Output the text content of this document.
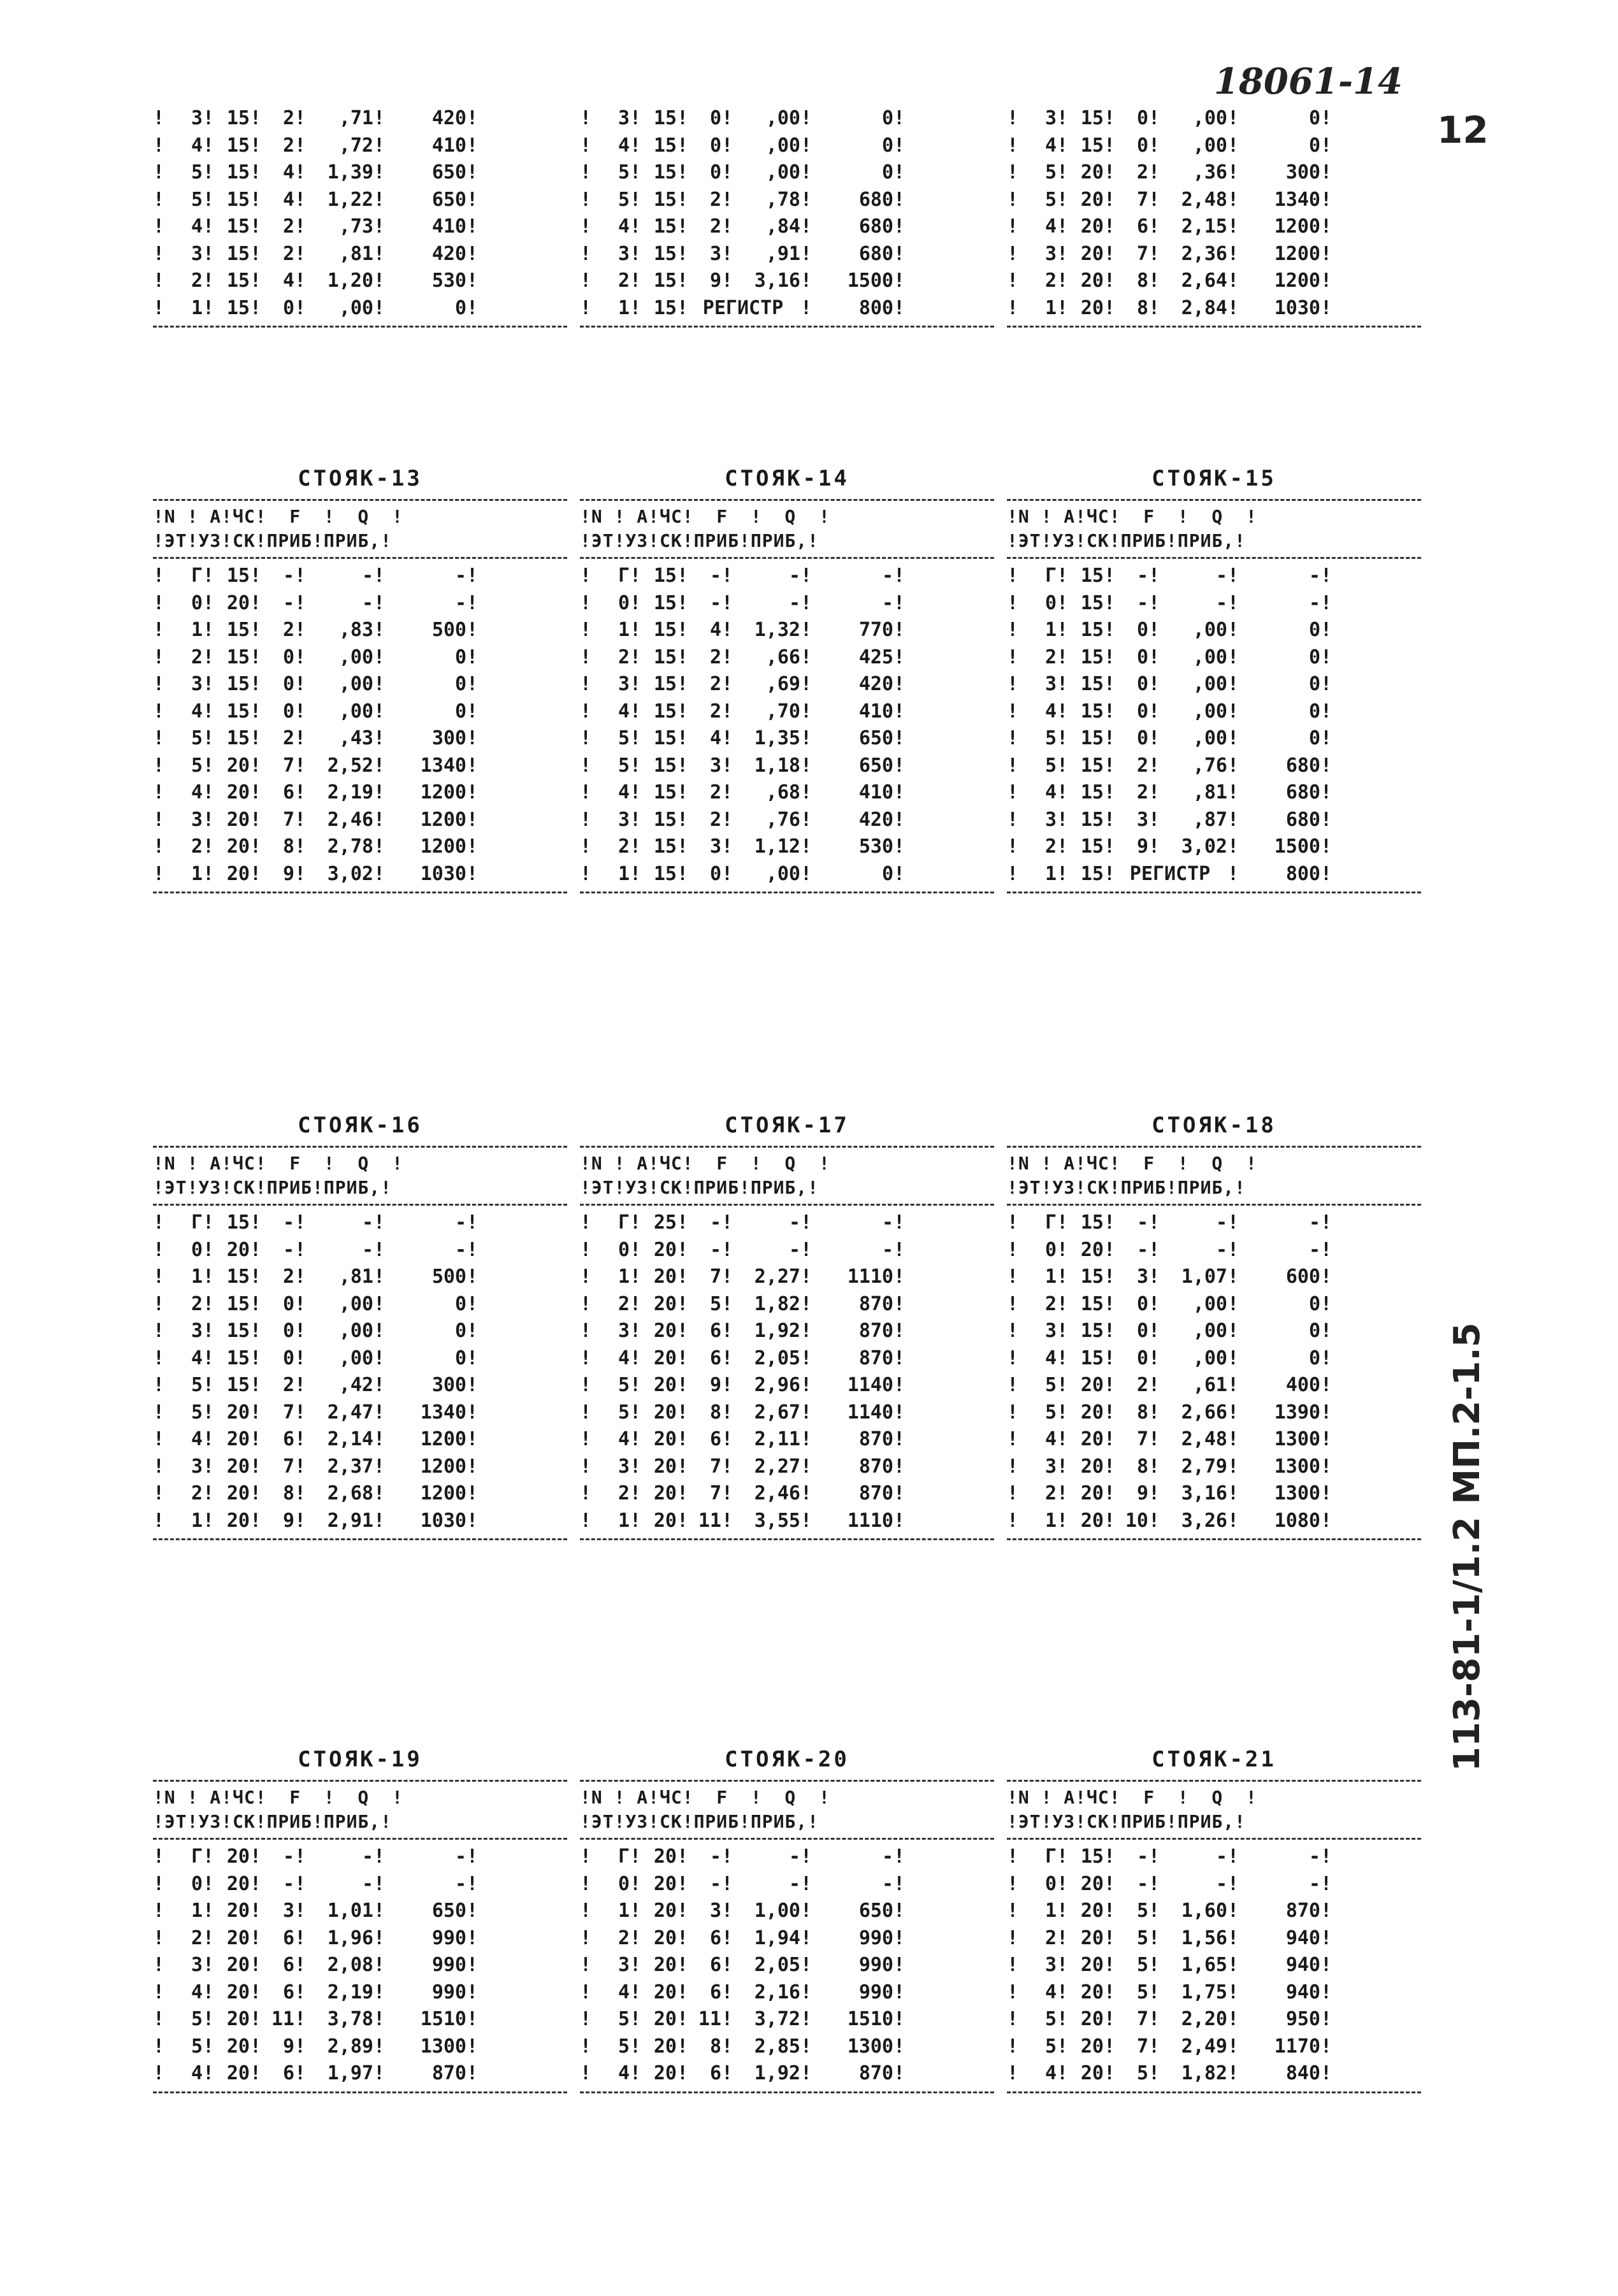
18061-14
12
113-81-1/1.2 МП.2-1.5
!	3 ! 15 !	2 !	,71 !	420 !
!	4 ! 15 !	2 !	,72 !	410 !
!	5 ! 15 !	4 !	1,39 !	650 !
!	5 ! 15 !	4 !	1,22 !	650 !
!	4 ! 15 !	2 !	,73 !	410 !
!	3 ! 15 !	2 !	,81 !	420 !
!	2 ! 15 !	4 !	1,20 !	530 !
!	1 ! 15 !	0 !	,00 !	0 !
!	3 ! 15 !	0 !	,00 !	0 !
!	4 ! 15 !	0 !	,00 !	0 !
!	5 ! 15 !	0 !	,00 !	0 !
!	5 ! 15 !	2 !	,78 !	680 !
!	4 ! 15 !	2 !	,84 !	680 !
!	3 ! 15 !	3 !	,91 !	680 !
!	2 ! 15 !	9 !	3,16 !	1500 !
!	1 ! 15 ! РЕГИСТР !	800 !
!	3 ! 15 !	0 !	,00 !	0 !
!	4 ! 15 !	0 !	,00 !	0 !
!	5 ! 20 !	2 !	,36 !	300 !
!	5 ! 20 !	7 !	2,48 !	1340 !
!	4 ! 20 !	6 !	2,15 !	1200 !
!	3 ! 20 !	7 !	2,36 !	1200 !
!	2 ! 20 !	8 !	2,64 !	1200 !
!	1 ! 20 !	8 !	2,84 !	1030 !
СТОЯК-13
!N ! А!ЧС!  F  !  Q  !
!ЭТ!УЗ!СК!ПРИБ!ПРИБ,!
!	Г ! 15 !	- !	- !	- !
!	0 ! 20 !	- !	- !	- !
!	1 ! 15 !	2 !	,83 !	500 !
!	2 ! 15 !	0 !	,00 !	0 !
!	3 ! 15 !	0 !	,00 !	0 !
!	4 ! 15 !	0 !	,00 !	0 !
!	5 ! 15 !	2 !	,43 !	300 !
!	5 ! 20 !	7 !	2,52 !	1340 !
!	4 ! 20 !	6 !	2,19 !	1200 !
!	3 ! 20 !	7 !	2,46 !	1200 !
!	2 ! 20 !	8 !	2,78 !	1200 !
!	1 ! 20 !	9 !	3,02 !	1030 !
СТОЯК-14
!N ! А!ЧС!  F  !  Q  !
!ЭТ!УЗ!СК!ПРИБ!ПРИБ,!
!	Г ! 15 !	- !	- !	- !
!	0 ! 15 !	- !	- !	- !
!	1 ! 15 !	4 !	1,32 !	770 !
!	2 ! 15 !	2 !	,66 !	425 !
!	3 ! 15 !	2 !	,69 !	420 !
!	4 ! 15 !	2 !	,70 !	410 !
!	5 ! 15 !	4 !	1,35 !	650 !
!	5 ! 15 !	3 !	1,18 !	650 !
!	4 ! 15 !	2 !	,68 !	410 !
!	3 ! 15 !	2 !	,76 !	420 !
!	2 ! 15 !	3 !	1,12 !	530 !
!	1 ! 15 !	0 !	,00 !	0 !
СТОЯК-15
!N ! А!ЧС!  F  !  Q  !
!ЭТ!УЗ!СК!ПРИБ!ПРИБ,!
!	Г ! 15 !	- !	- !	- !
!	0 ! 15 !	- !	- !	- !
!	1 ! 15 !	0 !	,00 !	0 !
!	2 ! 15 !	0 !	,00 !	0 !
!	3 ! 15 !	0 !	,00 !	0 !
!	4 ! 15 !	0 !	,00 !	0 !
!	5 ! 15 !	0 !	,00 !	0 !
!	5 ! 15 !	2 !	,76 !	680 !
!	4 ! 15 !	2 !	,81 !	680 !
!	3 ! 15 !	3 !	,87 !	680 !
!	2 ! 15 !	9 !	3,02 !	1500 !
!	1 ! 15 ! РЕГИСТР !	800 !
СТОЯК-16
!N ! А!ЧС!  F  !  Q  !
!ЭТ!УЗ!СК!ПРИБ!ПРИБ,!
!	Г ! 15 !	- !	- !	- !
!	0 ! 20 !	- !	- !	- !
!	1 ! 15 !	2 !	,81 !	500 !
!	2 ! 15 !	0 !	,00 !	0 !
!	3 ! 15 !	0 !	,00 !	0 !
!	4 ! 15 !	0 !	,00 !	0 !
!	5 ! 15 !	2 !	,42 !	300 !
!	5 ! 20 !	7 !	2,47 !	1340 !
!	4 ! 20 !	6 !	2,14 !	1200 !
!	3 ! 20 !	7 !	2,37 !	1200 !
!	2 ! 20 !	8 !	2,68 !	1200 !
!	1 ! 20 !	9 !	2,91 !	1030 !
СТОЯК-17
!N ! А!ЧС!  F  !  Q  !
!ЭТ!УЗ!СК!ПРИБ!ПРИБ,!
!	Г ! 25 !	- !	- !	- !
!	0 ! 20 !	- !	- !	- !
!	1 ! 20 !	7 !	2,27 !	1110 !
!	2 ! 20 !	5 !	1,82 !	870 !
!	3 ! 20 !	6 !	1,92 !	870 !
!	4 ! 20 !	6 !	2,05 !	870 !
!	5 ! 20 !	9 !	2,96 !	1140 !
!	5 ! 20 !	8 !	2,67 !	1140 !
!	4 ! 20 !	6 !	2,11 !	870 !
!	3 ! 20 !	7 !	2,27 !	870 !
!	2 ! 20 !	7 !	2,46 !	870 !
!	1 ! 20 ! 11 !	3,55 !	1110 !
СТОЯК-18
!N ! А!ЧС!  F  !  Q  !
!ЭТ!УЗ!СК!ПРИБ!ПРИБ,!
!	Г ! 15 !	- !	- !	- !
!	0 ! 20 !	- !	- !	- !
!	1 ! 15 !	3 !	1,07 !	600 !
!	2 ! 15 !	0 !	,00 !	0 !
!	3 ! 15 !	0 !	,00 !	0 !
!	4 ! 15 !	0 !	,00 !	0 !
!	5 ! 20 !	2 !	,61 !	400 !
!	5 ! 20 !	8 !	2,66 !	1390 !
!	4 ! 20 !	7 !	2,48 !	1300 !
!	3 ! 20 !	8 !	2,79 !	1300 !
!	2 ! 20 !	9 !	3,16 !	1300 !
!	1 ! 20 ! 10 !	3,26 !	1080 !
СТОЯК-19
!N ! А!ЧС!  F  !  Q  !
!ЭТ!УЗ!СК!ПРИБ!ПРИБ,!
!	Г ! 20 !	- !	- !	- !
!	0 ! 20 !	- !	- !	- !
!	1 ! 20 !	3 !	1,01 !	650 !
!	2 ! 20 !	6 !	1,96 !	990 !
!	3 ! 20 !	6 !	2,08 !	990 !
!	4 ! 20 !	6 !	2,19 !	990 !
!	5 ! 20 ! 11 !	3,78 !	1510 !
!	5 ! 20 !	9 !	2,89 !	1300 !
!	4 ! 20 !	6 !	1,97 !	870 !
СТОЯК-20
!N ! А!ЧС!  F  !  Q  !
!ЭТ!УЗ!СК!ПРИБ!ПРИБ,!
!	Г ! 20 !	- !	- !	- !
!	0 ! 20 !	- !	- !	- !
!	1 ! 20 !	3 !	1,00 !	650 !
!	2 ! 20 !	6 !	1,94 !	990 !
!	3 ! 20 !	6 !	2,05 !	990 !
!	4 ! 20 !	6 !	2,16 !	990 !
!	5 ! 20 ! 11 !	3,72 !	1510 !
!	5 ! 20 !	8 !	2,85 !	1300 !
!	4 ! 20 !	6 !	1,92 !	870 !
СТОЯК-21
!N ! А!ЧС!  F  !  Q  !
!ЭТ!УЗ!СК!ПРИБ!ПРИБ,!
!	Г ! 15 !	- !	- !	- !
!	0 ! 20 !	- !	- !	- !
!	1 ! 20 !	5 !	1,60 !	870 !
!	2 ! 20 !	5 !	1,56 !	940 !
!	3 ! 20 !	5 !	1,65 !	940 !
!	4 ! 20 !	5 !	1,75 !	940 !
!	5 ! 20 !	7 !	2,20 !	950 !
!	5 ! 20 !	7 !	2,49 !	1170 !
!	4 ! 20 !	5 !	1,82 !	840 !
